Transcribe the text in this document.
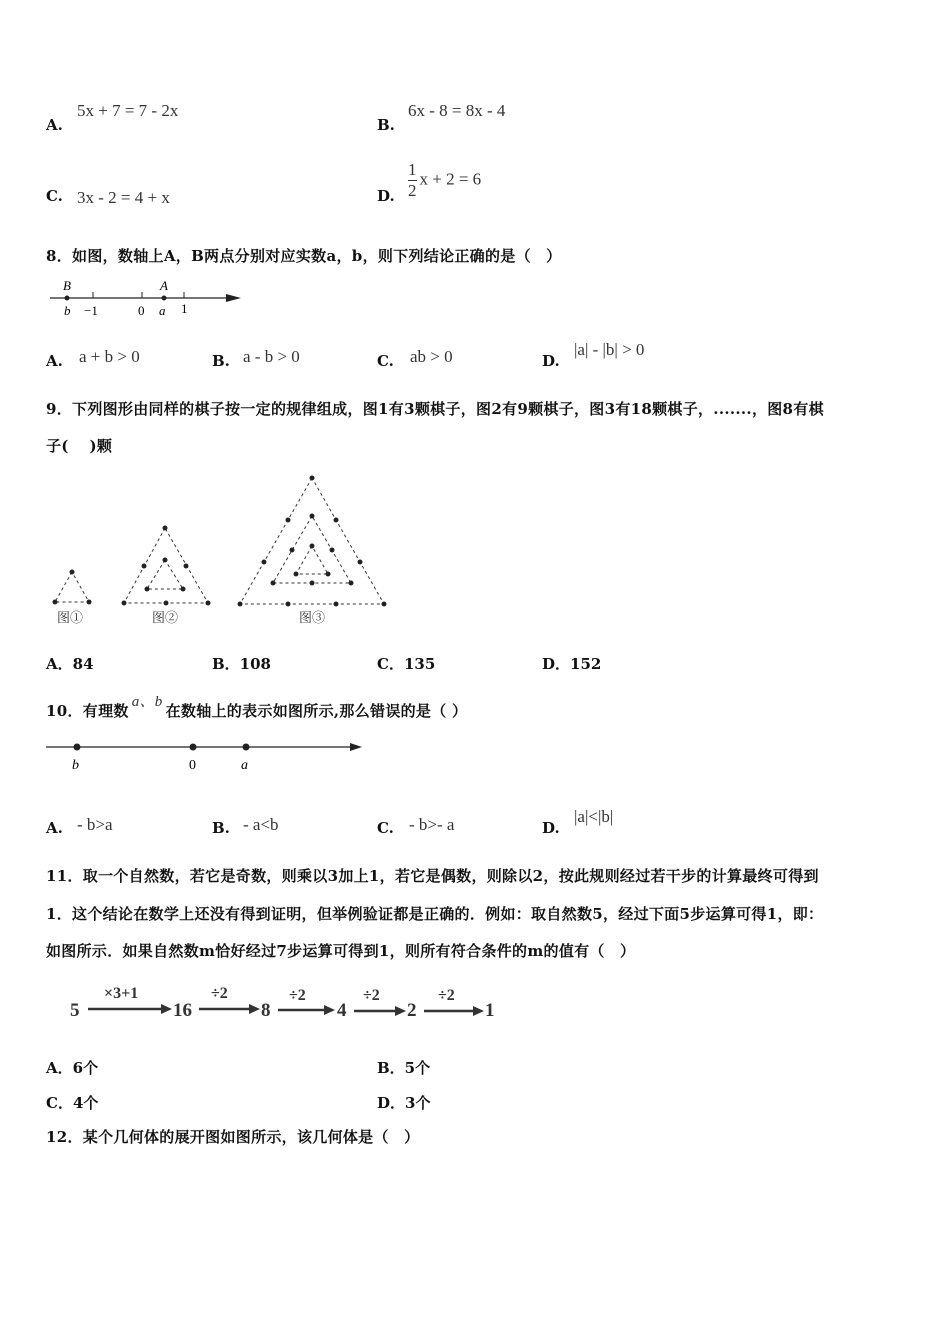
A.
5x + 7 = 7 - 2x
B.
6x - 8 = 8x - 4
C. 3x - 2 = 4 + x	D. $\frac{1}{2}$ x + 2 = 6
8．如图，数轴上A，B两点分别对应实数a，b，则下列结论正确的是（　）
B	A
b −1	0 a 1
A. a + b > 0	B. a - b > 0	C. ab > 0	D.
|a| - |b| > 0
9．下列图形由同样的棋子按一定的规律组成，图1有3颗棋子，图2有9颗棋子，图3有18颗棋子，.......，图8有棋
子(　 )颗
图①	图②	图③
A．84	B．108	C．135	D．152
10．有理数 a、b 在数轴上的表示如图所示,那么错误的是（ ）
b	0	a
A. - b>a	B. - a<b	C. - b>- a	D.
|a|<|b|
11．取一个自然数，若它是奇数，则乘以3加上1，若它是偶数，则除以2，按此规则经过若干步的计算最终可得到
1．这个结论在数学上还没有得到证明，但举例验证都是正确的．例如：取自然数5，经过下面5步运算可得1，即：
如图所示．如果自然数m恰好经过7步运算可得到1，则所有符合条件的m的值有（　）
5	16	8	4	2	1
×3+1	÷2	÷2	÷2	÷2
A．6个	B．5个
C．4个	D．3个
12．某个几何体的展开图如图所示，该几何体是（　）
